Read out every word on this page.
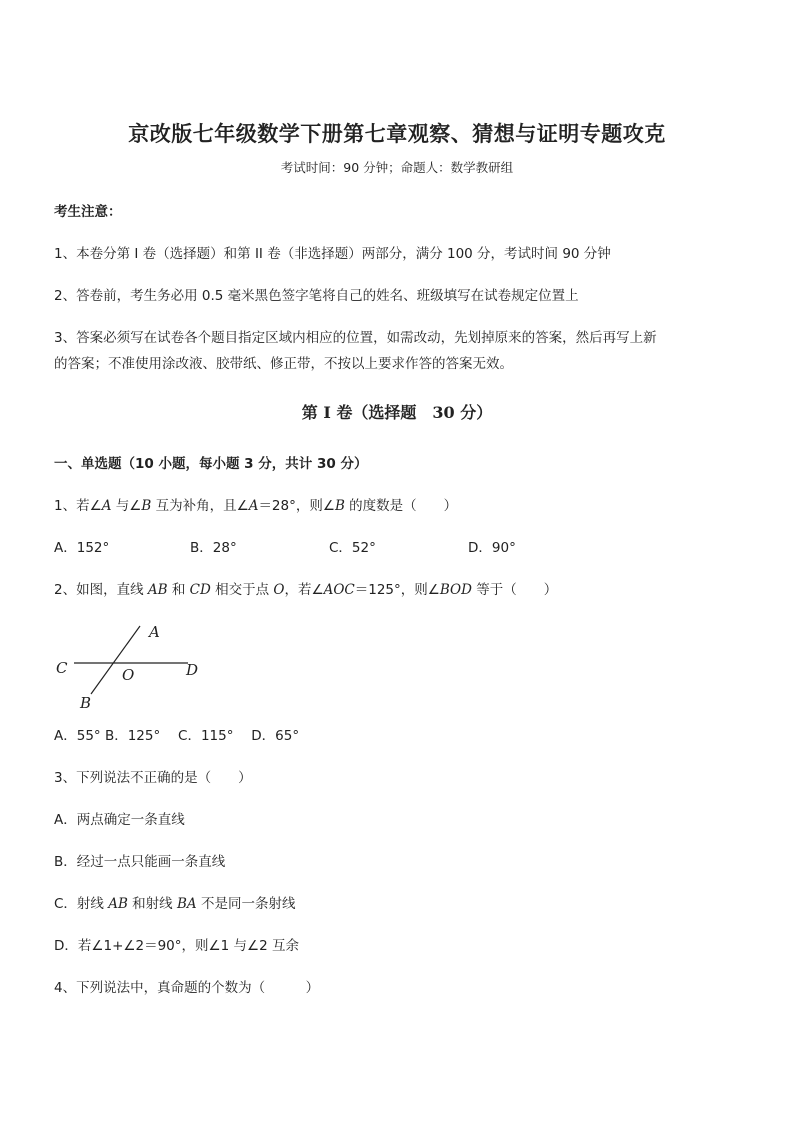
京改版七年级数学下册第七章观察、猜想与证明专题攻克
考试时间：90 分钟；命题人：数学教研组
考生注意：
1、本卷分第 I 卷（选择题）和第 II 卷（非选择题）两部分，满分 100 分，考试时间 90 分钟
2、答卷前，考生务必用 0.5 毫米黑色签字笔将自己的姓名、班级填写在试卷规定位置上
3、答案必须写在试卷各个题目指定区域内相应的位置，如需改动，先划掉原来的答案，然后再写上新
的答案；不准使用涂改液、胶带纸、修正带，不按以上要求作答的答案无效。
第 I 卷（选择题　30 分）
一、单选题（10 小题，每小题 3 分，共计 30 分）
1、若∠A 与∠B 互为补角，且∠A＝28°，则∠B 的度数是（　　）
A．152°	B．28°	C．52°	D．90°
2、如图，直线 AB 和 CD 相交于点 O，若∠AOC＝125°，则∠BOD 等于（　　）
A
C	D
O
B
A．55° B．125°　 C．115°　 D．65°
3、下列说法不正确的是（　　）
A．两点确定一条直线
B．经过一点只能画一条直线
C．射线 AB 和射线 BA 不是同一条射线
D．若∠1+∠2＝90°，则∠1 与∠2 互余
4、下列说法中，真命题的个数为（　　　）
